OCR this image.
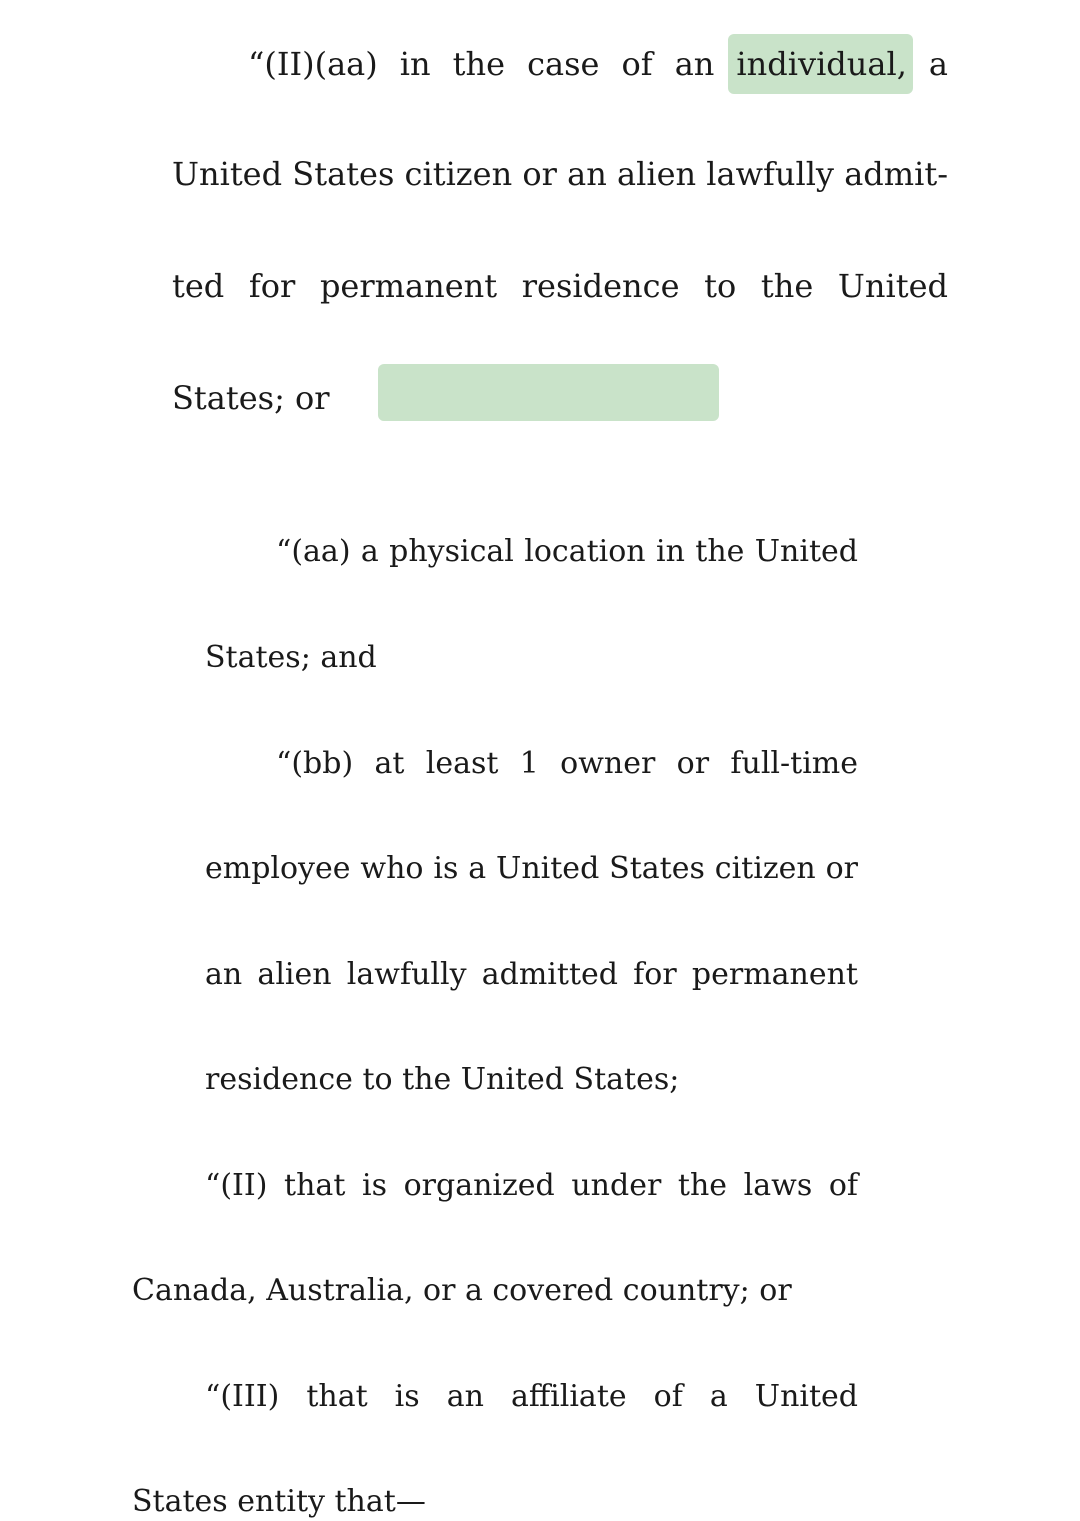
“(II)(aa) in the case of an individual, a
United States citizen or an alien lawfully admit-
ted for permanent residence to the United
States; or
“(aa) a physical location in the United
States; and
“(bb) at least 1 owner or full-time
employee who is a United States citizen or
an alien lawfully admitted for permanent
residence to the United States;
“(II) that is organized under the laws of
Canada, Australia, or a covered country; or
“(III) that is an affiliate of a United
States entity that—
